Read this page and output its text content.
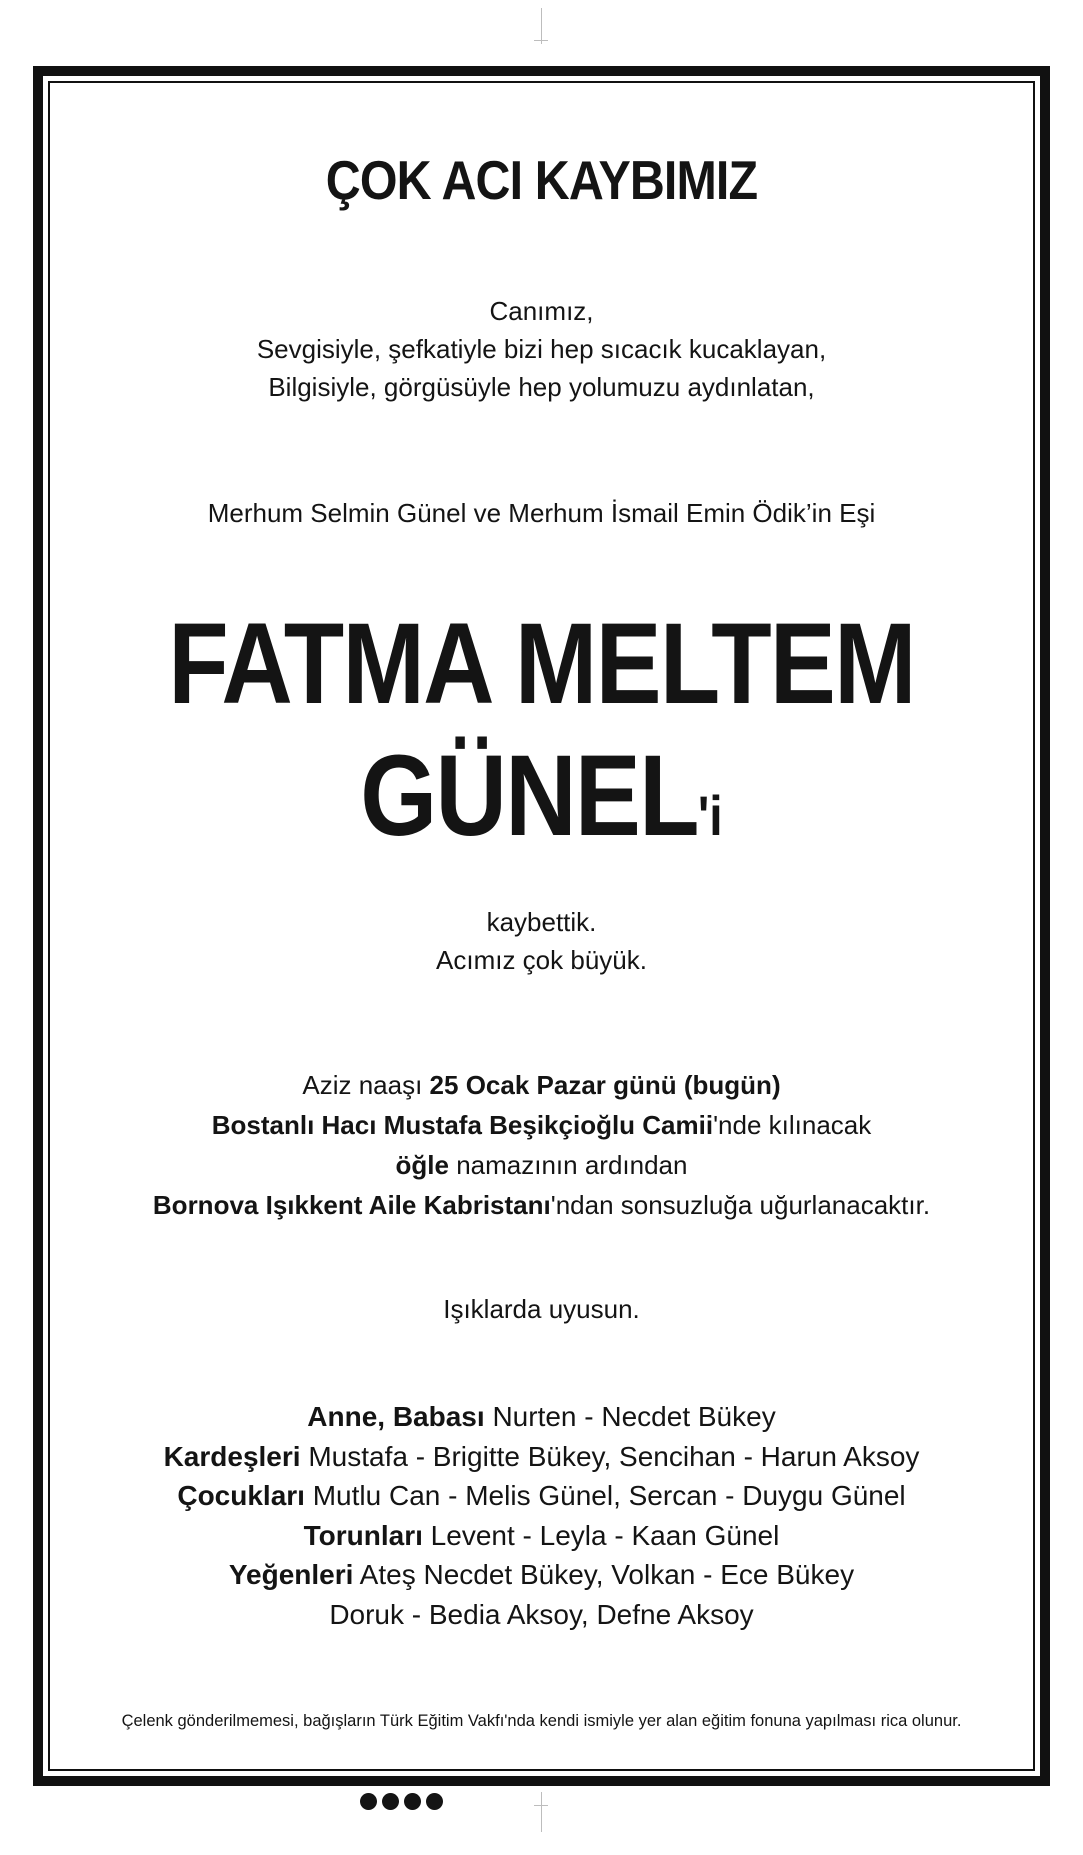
ÇOK ACI KAYBIMIZ
Canımız,
Sevgisiyle, şefkatiyle bizi hep sıcacık kucaklayan,
Bilgisiyle, görgüsüyle hep yolumuzu aydınlatan,
Merhum Selmin Günel ve Merhum İsmail Emin Ödik’in Eşi
FATMA MELTEM
GÜNEL'i
kaybettik.
Acımız çok büyük.
Aziz naaşı 25 Ocak Pazar günü (bugün)
Bostanlı Hacı Mustafa Beşikçioğlu Camii'nde kılınacak
öğle namazının ardından
Bornova Işıkkent Aile Kabristanı'ndan sonsuzluğa uğurlanacaktır.
Işıklarda uyusun.
Anne, Babası Nurten - Necdet Bükey
Kardeşleri Mustafa - Brigitte Bükey, Sencihan - Harun Aksoy
Çocukları Mutlu Can - Melis Günel, Sercan - Duygu Günel
Torunları Levent - Leyla - Kaan Günel
Yeğenleri Ateş Necdet Bükey, Volkan - Ece Bükey
Doruk - Bedia Aksoy, Defne Aksoy
Çelenk gönderilmemesi, bağışların Türk Eğitim Vakfı'nda kendi ismiyle yer alan eğitim fonuna yapılması rica olunur.
